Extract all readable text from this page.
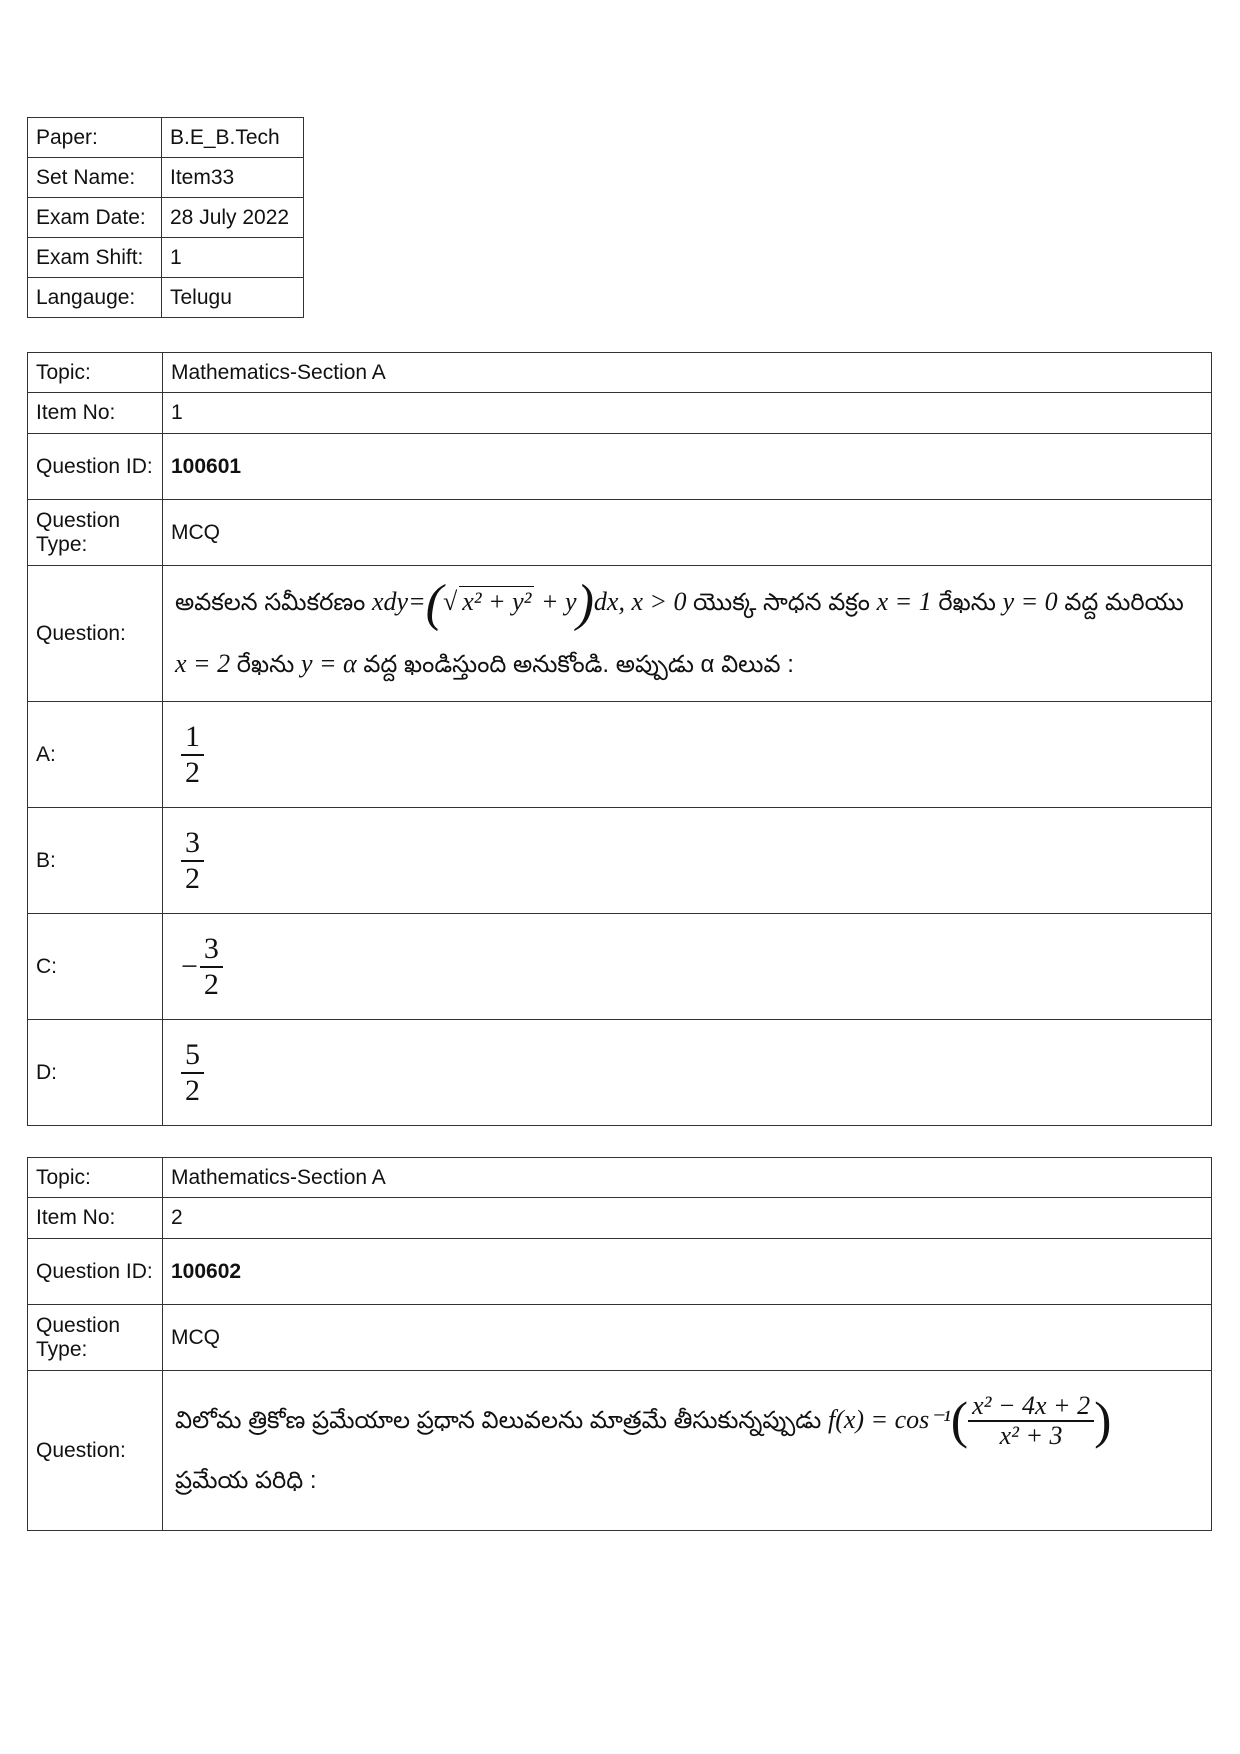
Paper:	B.E_B.Tech
Set Name:	Item33
Exam Date:	28 July 2022
Exam Shift:	1
Langauge:	Telugu
Topic:	Mathematics-Section A
Item No:	1
Question ID:	100601
Question Type:	MCQ
Question:	అవకలన సమీకరణం xdy=(√ x² + y² + y)dx, x > 0 యొక్క సాధన వక్రం x = 1 రేఖను y = 0 వద్ద మరియు x = 2 రేఖను y = α వద్ద ఖండిస్తుంది అనుకోండి. అప్పుడు α విలువ :
A:	$\frac{1}{2}$

B:	$\frac{3}{2}$

C:	− $\frac{3}{2}$

D:	$\frac{5}{2}$
Topic:	Mathematics-Section A
Item No:	2
Question ID:	100602
Question Type:	MCQ
Question:	విలోమ త్రికోణ ప్రమేయాల ప్రధాన విలువలను మాత్రమే తీసుకున్నప్పుడు $f(x) = \cos^{-1}( \frac{\text{x² − 4x + 2}}{\text{x² + 3}}$ )
ప్రమేయ పరిధి :
